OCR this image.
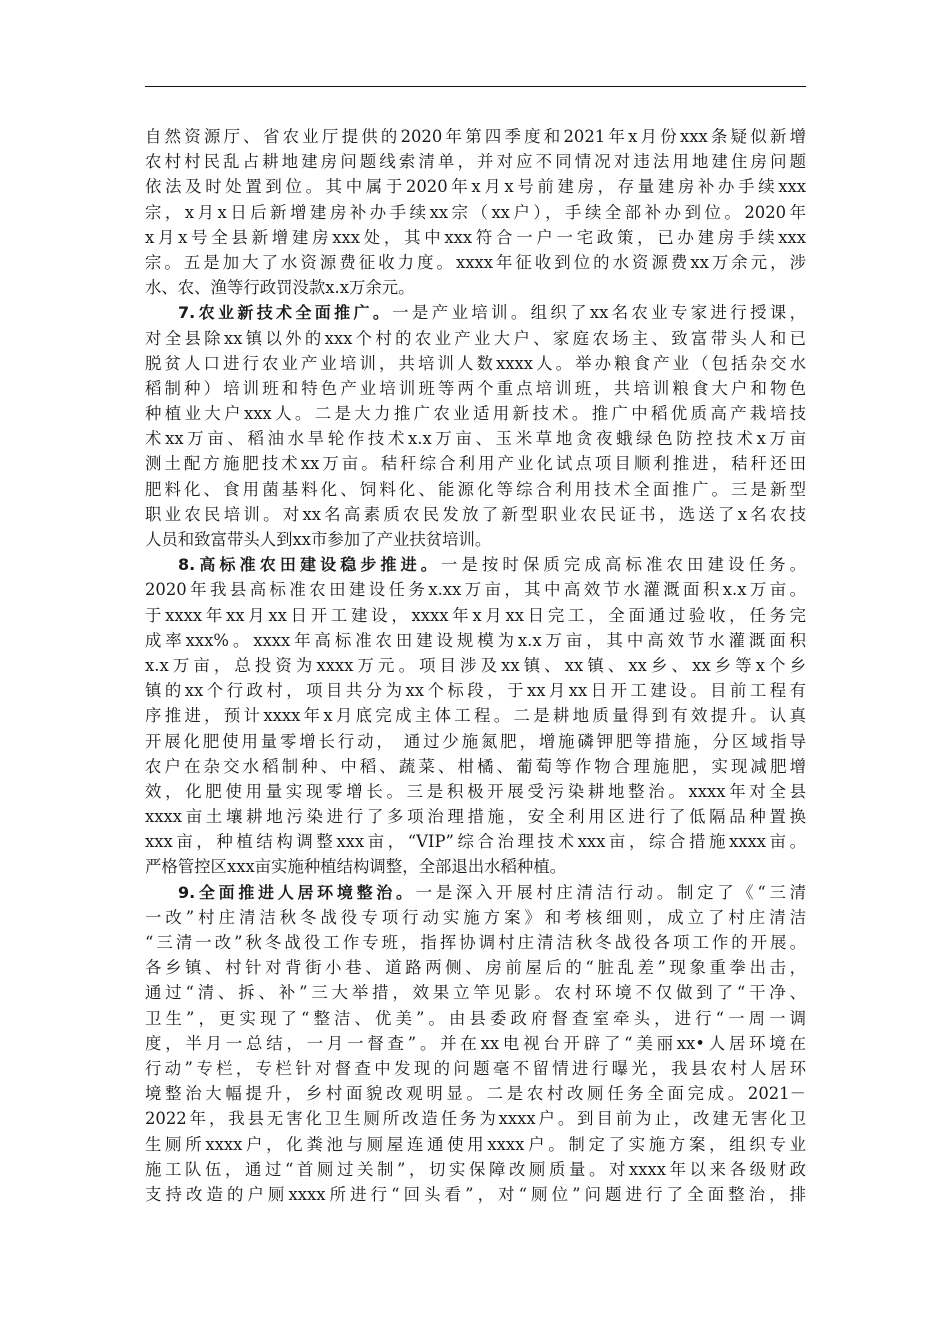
自然资源厅、省农业厅提供的2020年第四季度和2021年x月份xxx条疑似新增
农村村民乱占耕地建房问题线索清单，并对应不同情况对违法用地建住房问题
依法及时处置到位。其中属于2020年x月x号前建房，存量建房补办手续xxx
宗，x月x日后新增建房补办手续xx宗（xx户），手续全部补办到位。2020年
x月x号全县新增建房xxx处，其中xxx符合一户一宅政策，已办建房手续xxx
宗。五是加大了水资源费征收力度。xxxx年征收到位的水资源费xx万余元，涉
水、农、渔等行政罚没款x.x万余元。
7.农业新技术全面推广。一是产业培训。组织了xx名农业专家进行授课，
对全县除xx镇以外的xxx个村的农业产业大户、家庭农场主、致富带头人和已
脱贫人口进行农业产业培训，共培训人数xxxx人。举办粮食产业（包括杂交水
稻制种）培训班和特色产业培训班等两个重点培训班，共培训粮食大户和物色
种植业大户xxx人。二是大力推广农业适用新技术。推广中稻优质高产栽培技
术xx万亩、稻油水旱轮作技术x.x万亩、玉米草地贪夜蛾绿色防控技术x万亩
测土配方施肥技术xx万亩。秸秆综合利用产业化试点项目顺利推进，秸秆还田
肥料化、食用菌基料化、饲料化、能源化等综合利用技术全面推广。三是新型
职业农民培训。对xx名高素质农民发放了新型职业农民证书，选送了x名农技
人员和致富带头人到xx市参加了产业扶贫培训。
8.高标准农田建设稳步推进。一是按时保质完成高标准农田建设任务。
2020年我县高标准农田建设任务x.xx万亩，其中高效节水灌溉面积x.x万亩。
于xxxx年xx月xx日开工建设，xxxx年x月xx日完工，全面通过验收，任务完
成率xxx%。xxxx年高标准农田建设规模为x.x万亩，其中高效节水灌溉面积
x.x万亩，总投资为xxxx万元。项目涉及xx镇、xx镇、xx乡、xx乡等x个乡
镇的xx个行政村，项目共分为xx个标段，于xx月xx日开工建设。目前工程有
序推进，预计xxxx年x月底完成主体工程。二是耕地质量得到有效提升。认真
开展化肥使用量零增长行动， 通过少施氮肥，增施磷钾肥等措施，分区域指导
农户在杂交水稻制种、中稻、蔬菜、柑橘、葡萄等作物合理施肥，实现减肥增
效，化肥使用量实现零增长。三是积极开展受污染耕地整治。xxxx年对全县
xxxx亩土壤耕地污染进行了多项治理措施，安全利用区进行了低隔品种置换
xxx亩，种植结构调整xxx亩，“VIP”综合治理技术xxx亩，综合措施xxxx亩。
严格管控区xxx亩实施种植结构调整，全部退出水稻种植。
9.全面推进人居环境整治。一是深入开展村庄清洁行动。制定了《“三清
一改”村庄清洁秋冬战役专项行动实施方案》和考核细则，成立了村庄清洁
“三清一改”秋冬战役工作专班，指挥协调村庄清洁秋冬战役各项工作的开展。
各乡镇、村针对背街小巷、道路两侧、房前屋后的“脏乱差”现象重拳出击，
通过“清、拆、补”三大举措，效果立竿见影。农村环境不仅做到了“干净、
卫生”，更实现了“整洁、优美”。由县委政府督查室牵头，进行“一周一调
度，半月一总结，一月一督查”。并在xx电视台开辟了“美丽xx•人居环境在
行动”专栏，专栏针对督查中发现的问题毫不留情进行曝光，我县农村人居环
境整治大幅提升，乡村面貌改观明显。二是农村改厕任务全面完成。2021－
2022年，我县无害化卫生厕所改造任务为xxxx户。到目前为止，改建无害化卫
生厕所xxxx户，化粪池与厕屋连通使用xxxx户。制定了实施方案，组织专业
施工队伍，通过“首厕过关制”，切实保障改厕质量。对xxxx年以来各级财政
支持改造的户厕xxxx所进行“回头看”，对“厕位”问题进行了全面整治，排
